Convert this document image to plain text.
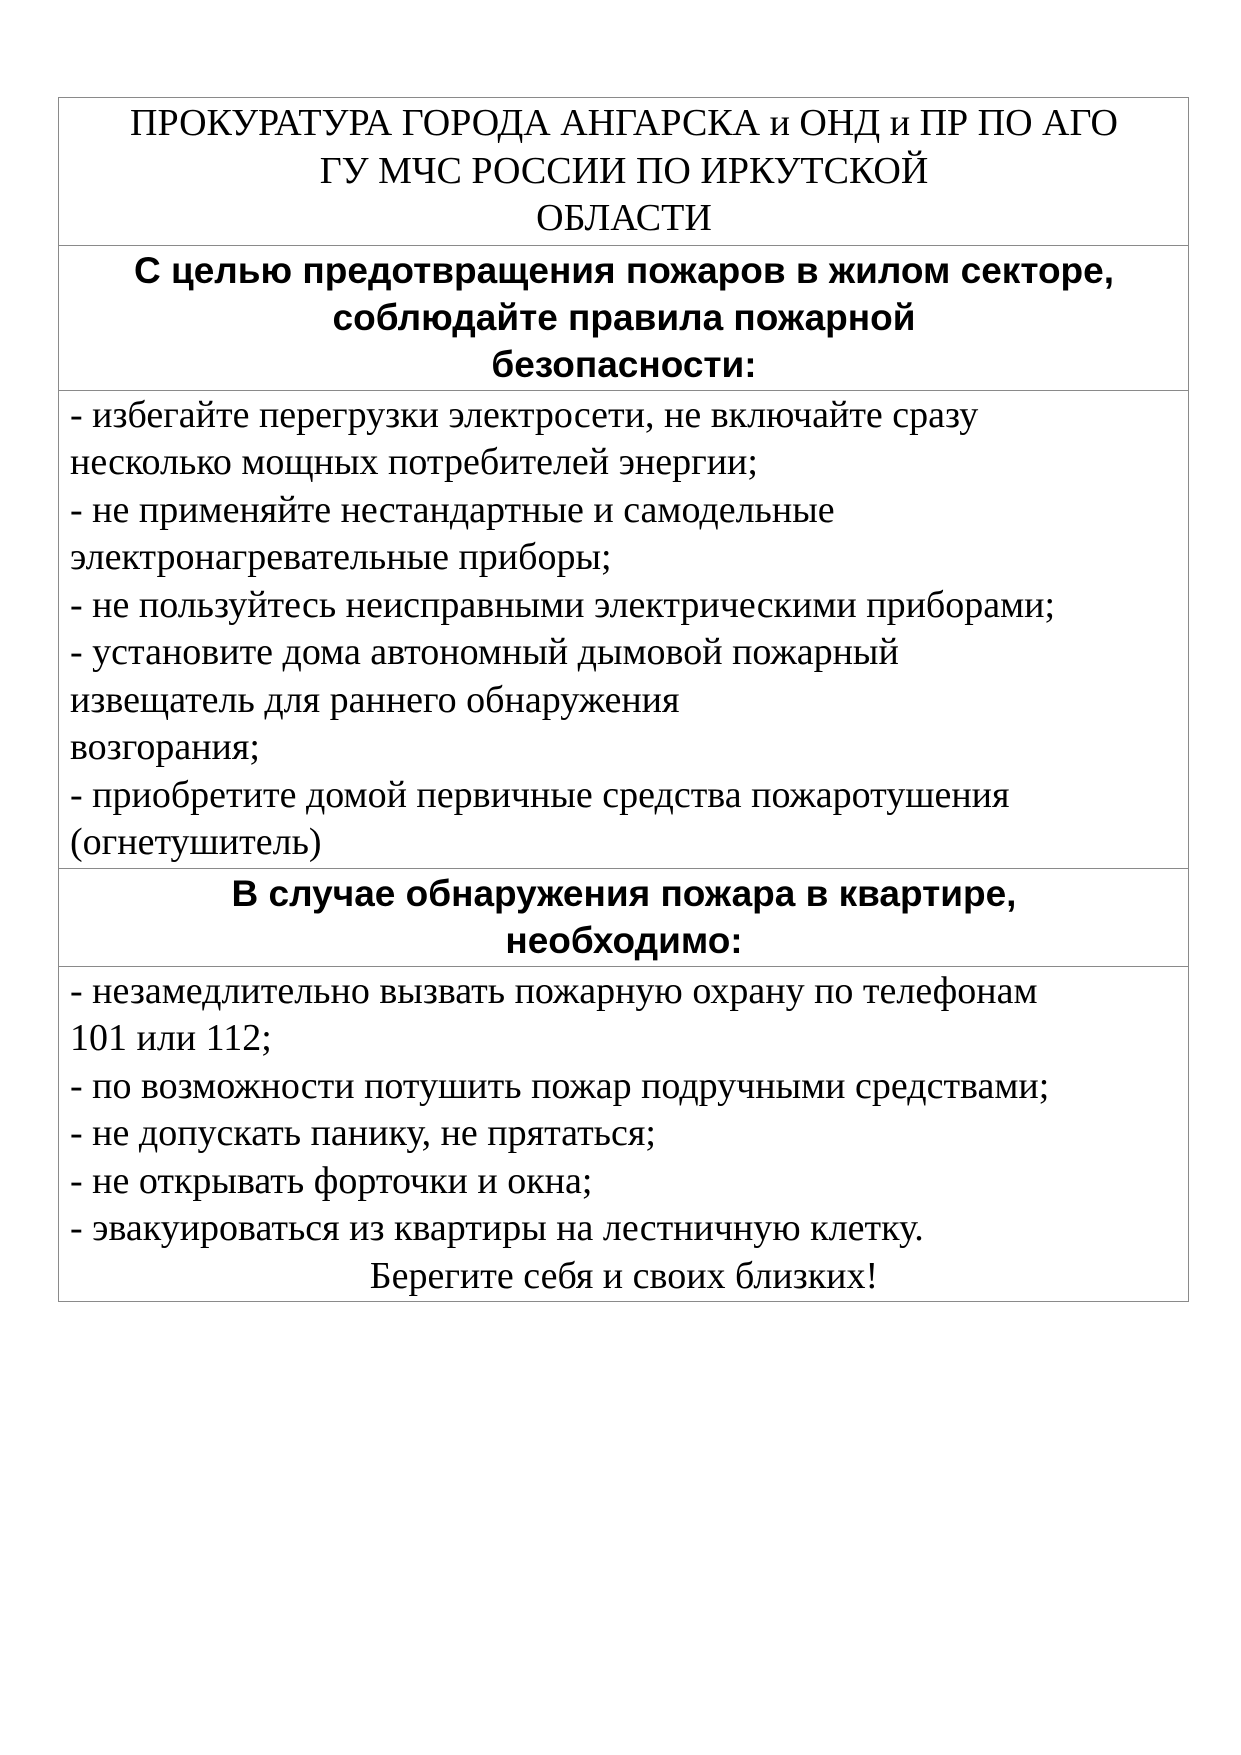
ПРОКУРАТУРА ГОРОДА АНГАРСКА и ОНД и ПР ПО АГО
ГУ МЧС РОССИИ ПО ИРКУТСКОЙ
ОБЛАСТИ

С целью предотвращения пожаров в жилом секторе,
соблюдайте правила пожарной
безопасности:

- избегайте перегрузки электросети, не включайте сразу
несколько мощных потребителей энергии;
- не применяйте нестандартные и самодельные
электронагревательные приборы;
- не пользуйтесь неисправными электрическими приборами;
- установите дома автономный дымовой пожарный
извещатель для раннего обнаружения
возгорания;
- приобретите домой первичные средства пожаротушения
(огнетушитель)

В случае обнаружения пожара в квартире,
необходимо:

- незамедлительно вызвать пожарную охрану по телефонам
101 или 112;
- по возможности потушить пожар подручными средствами;
- не допускать панику, не прятаться;
- не открывать форточки и окна;
- эвакуироваться из квартиры на лестничную клетку.
Берегите себя и своих близких!
